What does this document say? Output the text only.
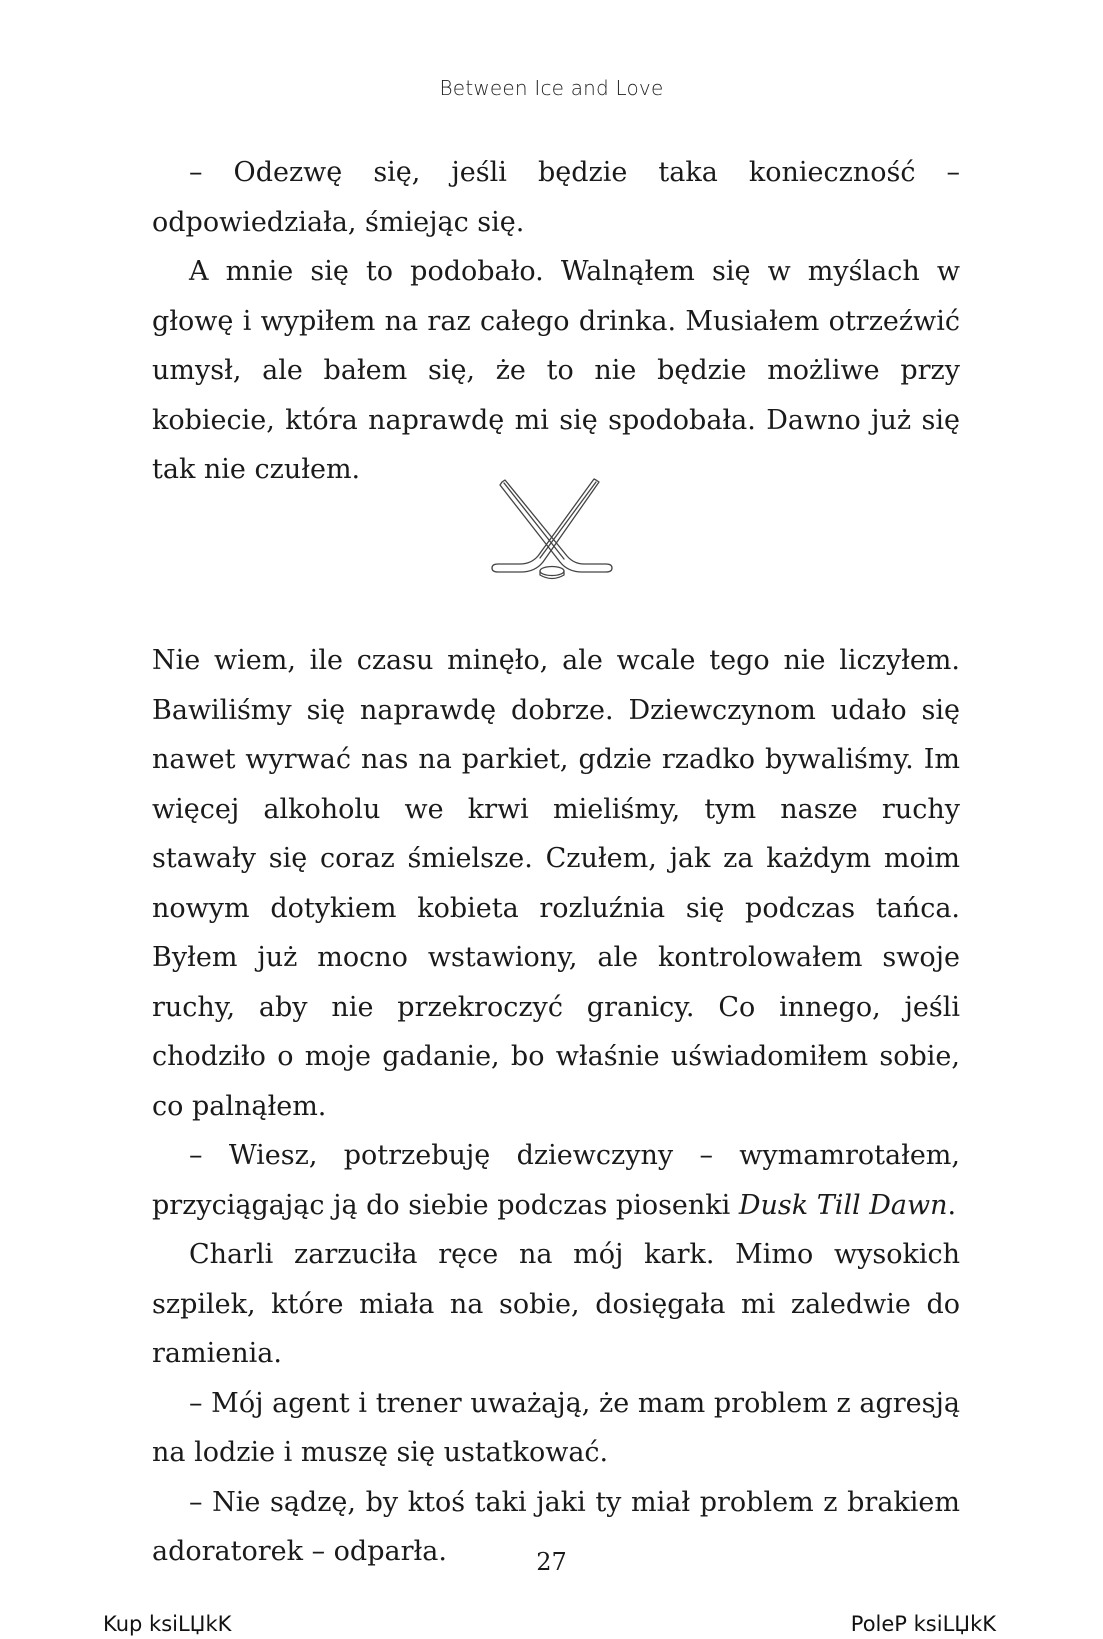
Between Ice and Love

– Odezwę się, jeśli będzie taka konieczność – odpowiedziała, śmiejąc się.

A mnie się to podobało. Walnąłem się w myślach w głowę i wypiłem na raz całego drinka. Musiałem otrzeźwić umysł, ale bałem się, że to nie będzie możliwe przy kobiecie, która naprawdę mi się spodobała. Dawno już się tak nie czułem.

Nie wiem, ile czasu minęło, ale wcale tego nie liczyłem. Bawiliśmy się naprawdę dobrze. Dziewczynom udało się nawet wyrwać nas na parkiet, gdzie rzadko bywaliśmy. Im więcej alkoholu we krwi mieliśmy, tym nasze ruchy stawały się coraz śmielsze. Czułem, jak za każdym moim nowym dotykiem kobieta rozluźnia się podczas tańca. Byłem już mocno wstawiony, ale kontrolowałem swoje ruchy, aby nie przekroczyć granicy. Co innego, jeśli chodziło o moje gadanie, bo właśnie uświadomiłem sobie, co palnąłem.

– Wiesz, potrzebuję dziewczyny – wymamrotałem, przyciągając ją do siebie podczas piosenki Dusk Till Dawn.

Charli zarzuciła ręce na mój kark. Mimo wysokich szpilek, które miała na sobie, dosięgała mi zaledwie do ramienia.

– Mój agent i trener uważają, że mam problem z agresją na lodzie i muszę się ustatkować.

– Nie sądzę, by ktoś taki jaki ty miał problem z brakiem adoratorek – odparła.	27
Kup ksiLЏkK	PoleP ksiLЏkK
